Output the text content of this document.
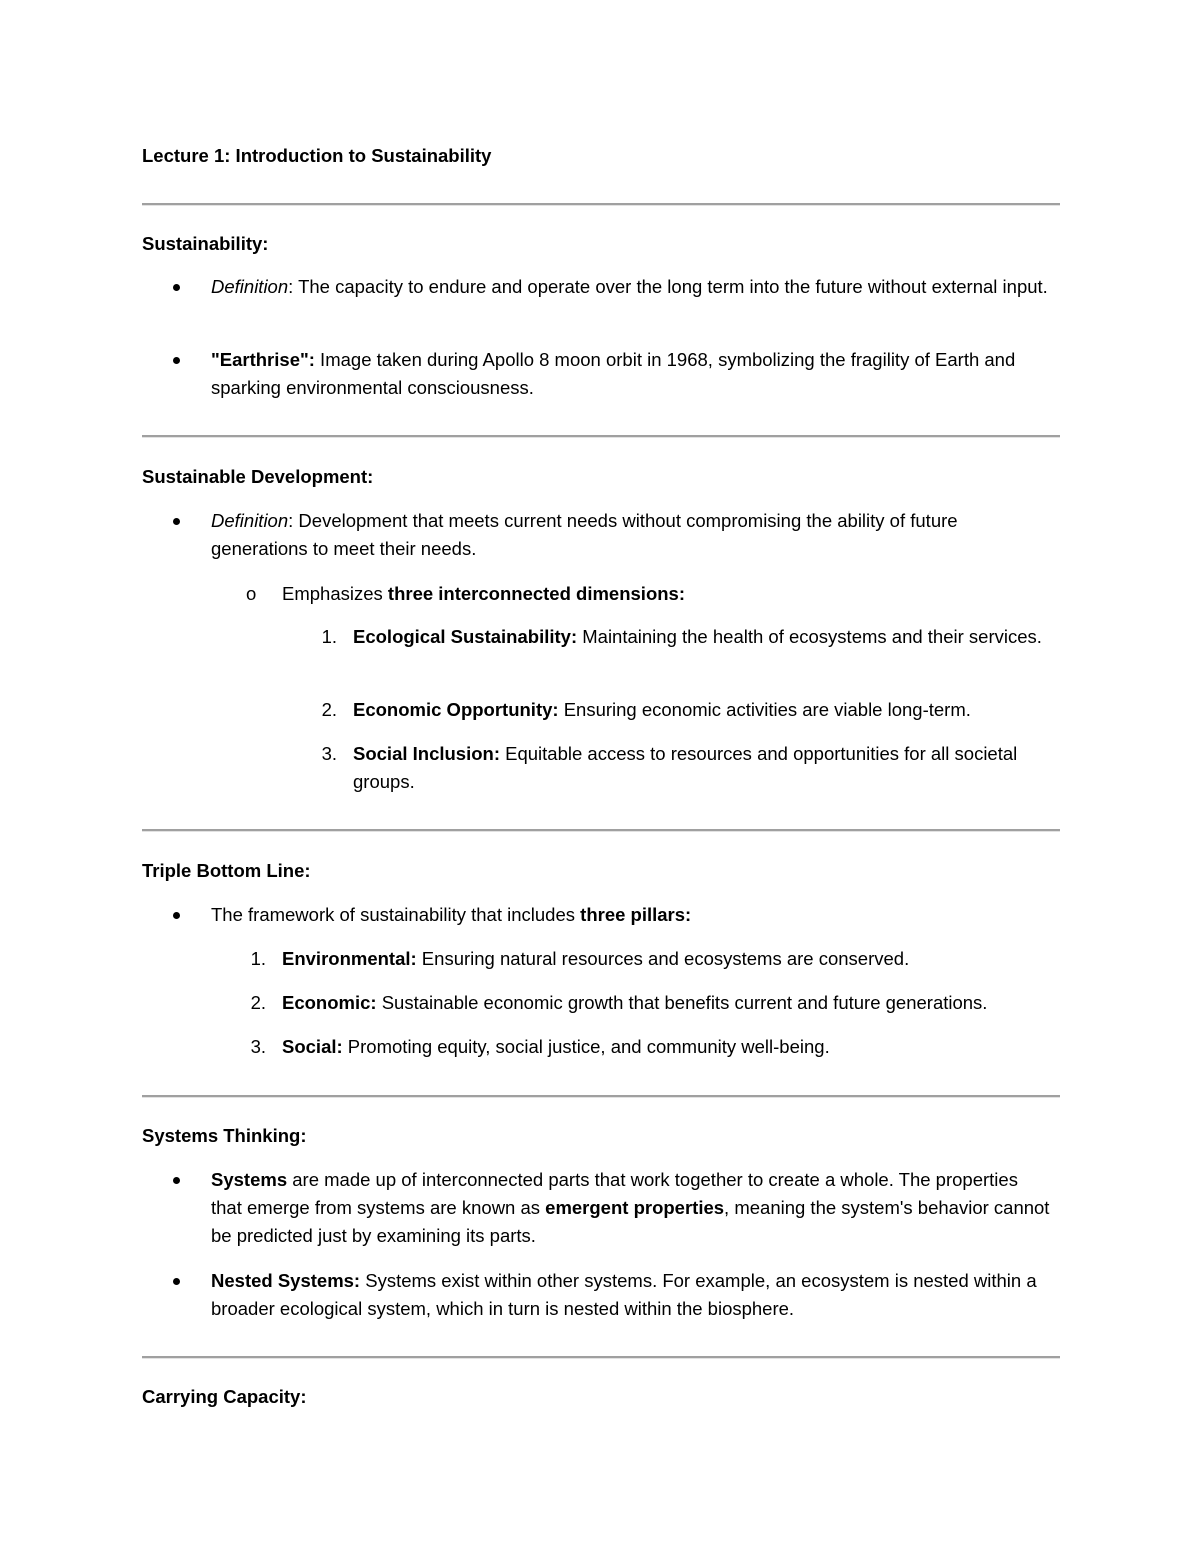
Lecture 1: Introduction to Sustainability
Sustainability:
Definition: The capacity to endure and operate over the long term into the future without external input.
"Earthrise": Image taken during Apollo 8 moon orbit in 1968, symbolizing the fragility of Earth and sparking environmental consciousness.
Sustainable Development:
Definition: Development that meets current needs without compromising the ability of future generations to meet their needs.
o Emphasizes three interconnected dimensions:
1. Ecological Sustainability: Maintaining the health of ecosystems and their services.
2. Economic Opportunity: Ensuring economic activities are viable long-term.
3. Social Inclusion: Equitable access to resources and opportunities for all societal groups.
Triple Bottom Line:
The framework of sustainability that includes three pillars:
1. Environmental: Ensuring natural resources and ecosystems are conserved.
2. Economic: Sustainable economic growth that benefits current and future generations.
3. Social: Promoting equity, social justice, and community well-being.
Systems Thinking:
Systems are made up of interconnected parts that work together to create a whole. The properties that emerge from systems are known as emergent properties, meaning the system's behavior cannot be predicted just by examining its parts.
Nested Systems: Systems exist within other systems. For example, an ecosystem is nested within a broader ecological system, which in turn is nested within the biosphere.
Carrying Capacity:
